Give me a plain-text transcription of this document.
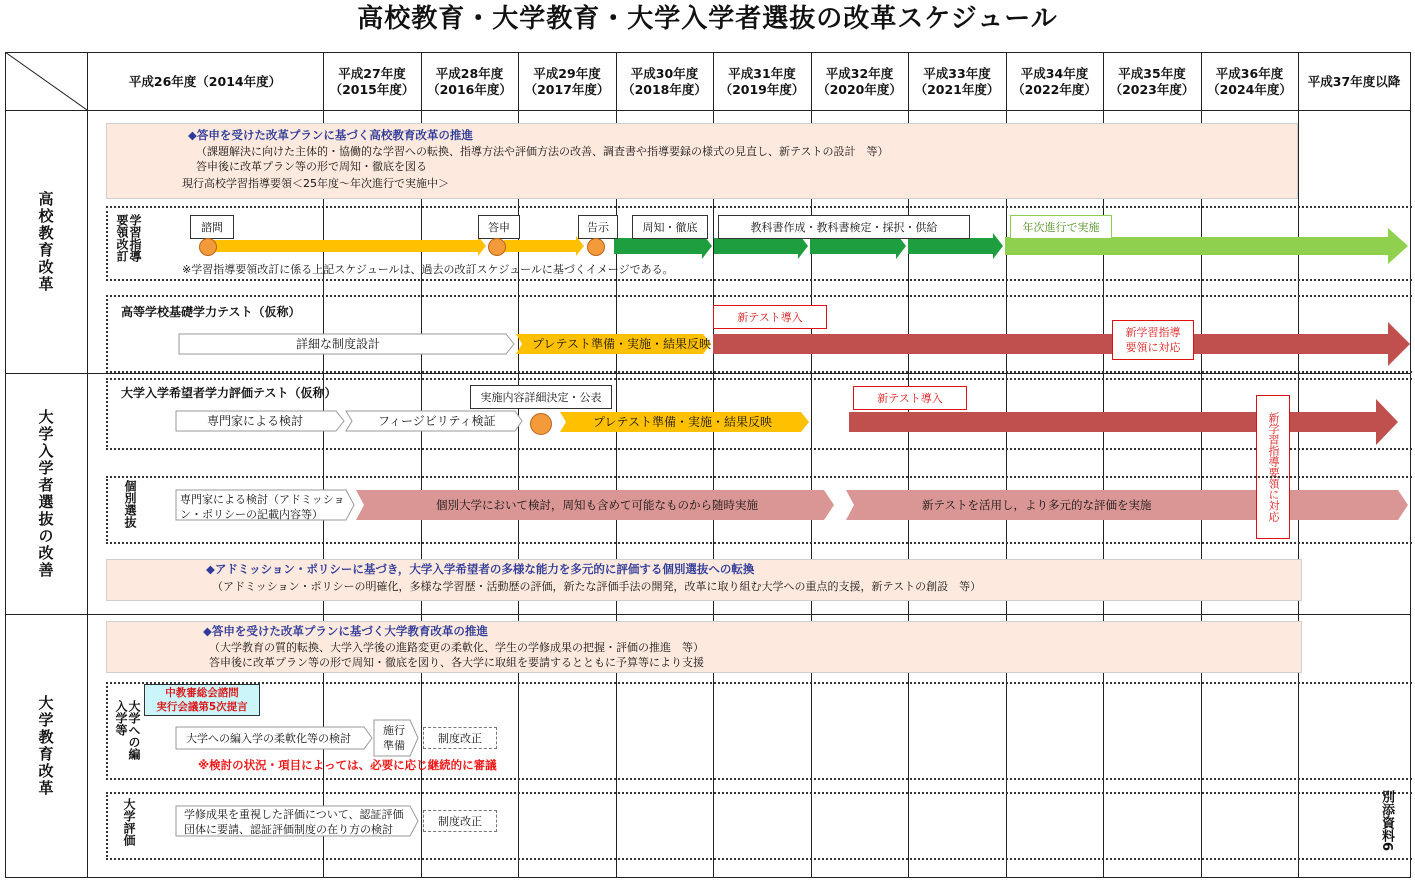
高校教育・大学教育・大学入学者選抜の改革スケジュール
平成26年度（2014年度）
平成27年度
（2015年度）
平成28年度
（2016年度）
平成29年度
（2017年度）
平成30年度
（2018年度）
平成31年度
（2019年度）
平成32年度
（2020年度）
平成33年度
（2021年度）
平成34年度
（2022年度）
平成35年度
（2023年度）
平成36年度
（2024年度）
平成37年度以降
高校教育改革
大学入学者選抜の改善
大学教育改革
◆答申を受けた改革プランに基づく高校教育改革の推進
（課題解決に向けた主体的・協働的な学習への転換、指導方法や評価方法の改善、調査書や指導要録の様式の見直し、新テストの設計　等）
答申後に改革プラン等の形で周知・徹底を図る
現行高校学習指導要領＜25年度～年次進行で実施中＞
学習指導要領改訂	諮問	答申	告示	周知・徹底	教科書作成・教科書検定・採択・供給	年次進行で実施
※学習指導要領改訂に係る上記スケジュールは、過去の改訂スケジュールに基づくイメージである。
高等学校基礎学力テスト（仮称）
詳細な制度設計	プレテスト準備・実施・結果反映
新テスト導入
新学習指導
要領に対応
大学入学希望者学力評価テスト（仮称）	実施内容詳細決定・公表
専門家による検討	フィージビリティ検証	プレテスト準備・実施・結果反映
新テスト導入
新学習指導要領に対応
個別選抜	専門家による検討（アドミッショ
ン・ポリシーの記載内容等）
個別大学において検討，周知も含めて可能なものから随時実施	新テストを活用し，より多元的な評価を実施
◆アドミッション・ポリシーに基づき，大学入学希望者の多様な能力を多元的に評価する個別選抜への転換
（アドミッション・ポリシーの明確化，多様な学習歴・活動歴の評価，新たな評価手法の開発，改革に取り組む大学への重点的支援，新テストの創設　等）
◆答申を受けた改革プランに基づく大学教育改革の推進
（大学教育の質的転換、大学入学後の進路変更の柔軟化、学生の学修成果の把握・評価の推進　等）
答申後に改革プラン等の形で周知・徹底を図り、各大学に取組を要請するとともに予算等により支援
中教審総会諮問
実行会議第5次提言
大学への編入学等
大学への編入学の柔軟化等の検討
施行
準備
制度改正
※検討の状況・項目によっては、必要に応じ継続的に審議
大学評価	学修成果を重視した評価について、認証評価
団体に要請、認証評価制度の在り方の検討
制度改正	別添資料6
